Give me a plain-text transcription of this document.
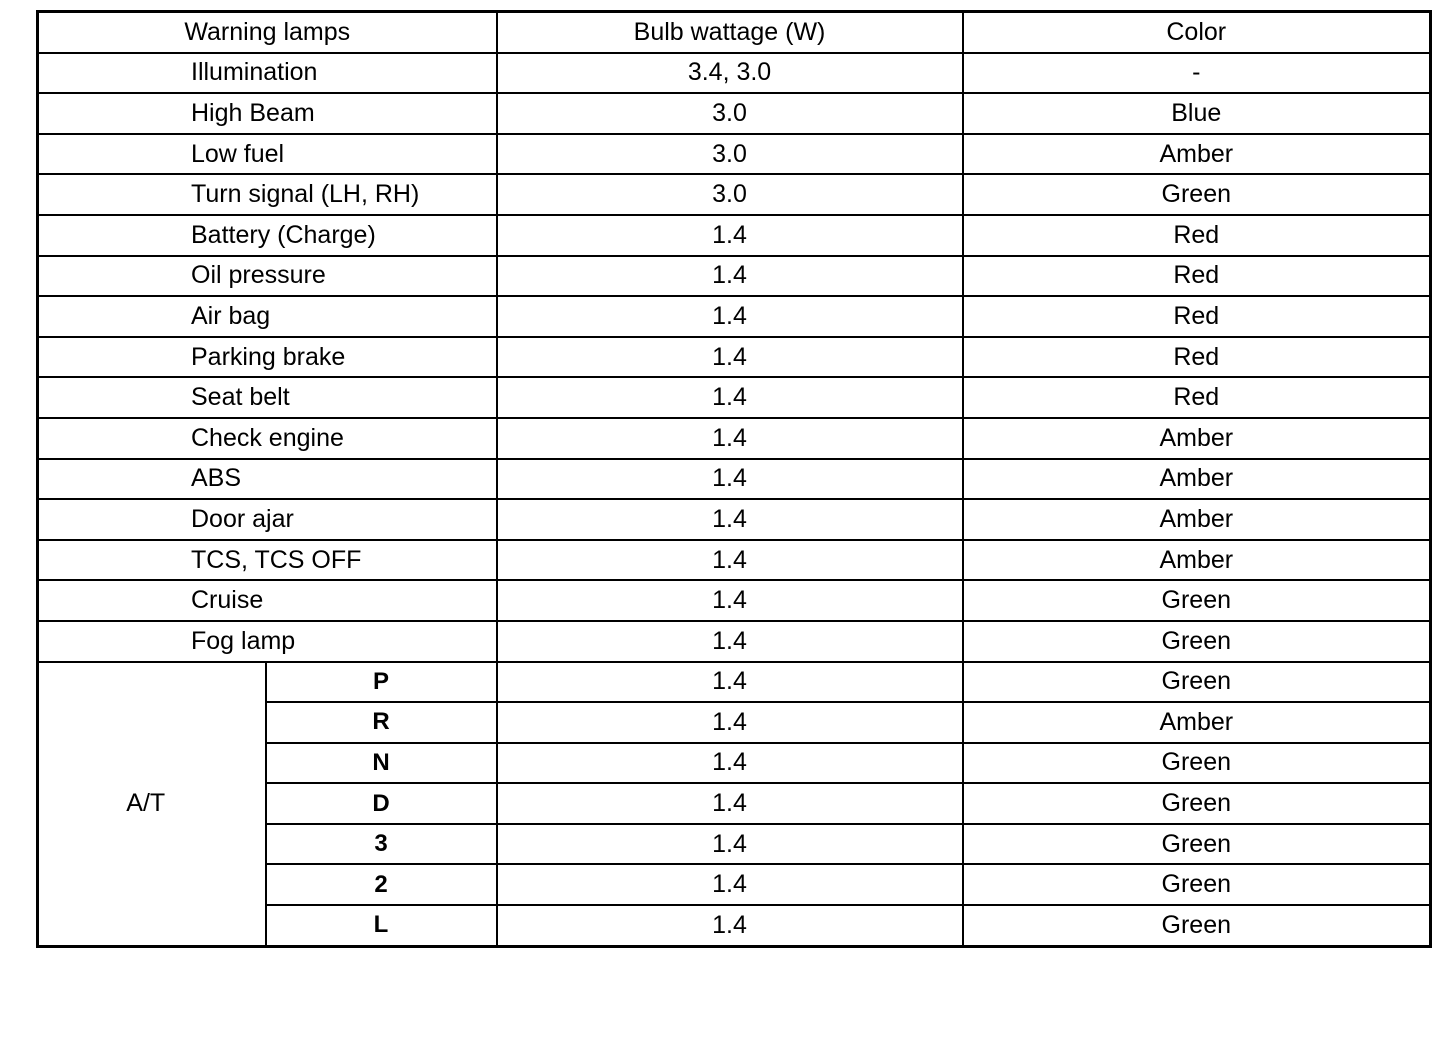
Warning lamps		Bulb wattage (W)	Color
Illumination		3.4, 3.0	-
High Beam		3.0	Blue
Low fuel		3.0	Amber
Turn signal (LH, RH)		3.0	Green
Battery (Charge)		1.4	Red
Oil pressure		1.4	Red
Air bag		1.4	Red
Parking brake		1.4	Red
Seat belt		1.4	Red
Check engine		1.4	Amber
ABS		1.4	Amber
Door ajar		1.4	Amber
TCS, TCS OFF		1.4	Amber
Cruise		1.4	Green
Fog lamp		1.4	Green
A/T	P	1.4	Green
	R	1.4	Amber
	N	1.4	Green
	D	1.4	Green
	3	1.4	Green
	2	1.4	Green
	L	1.4	Green
